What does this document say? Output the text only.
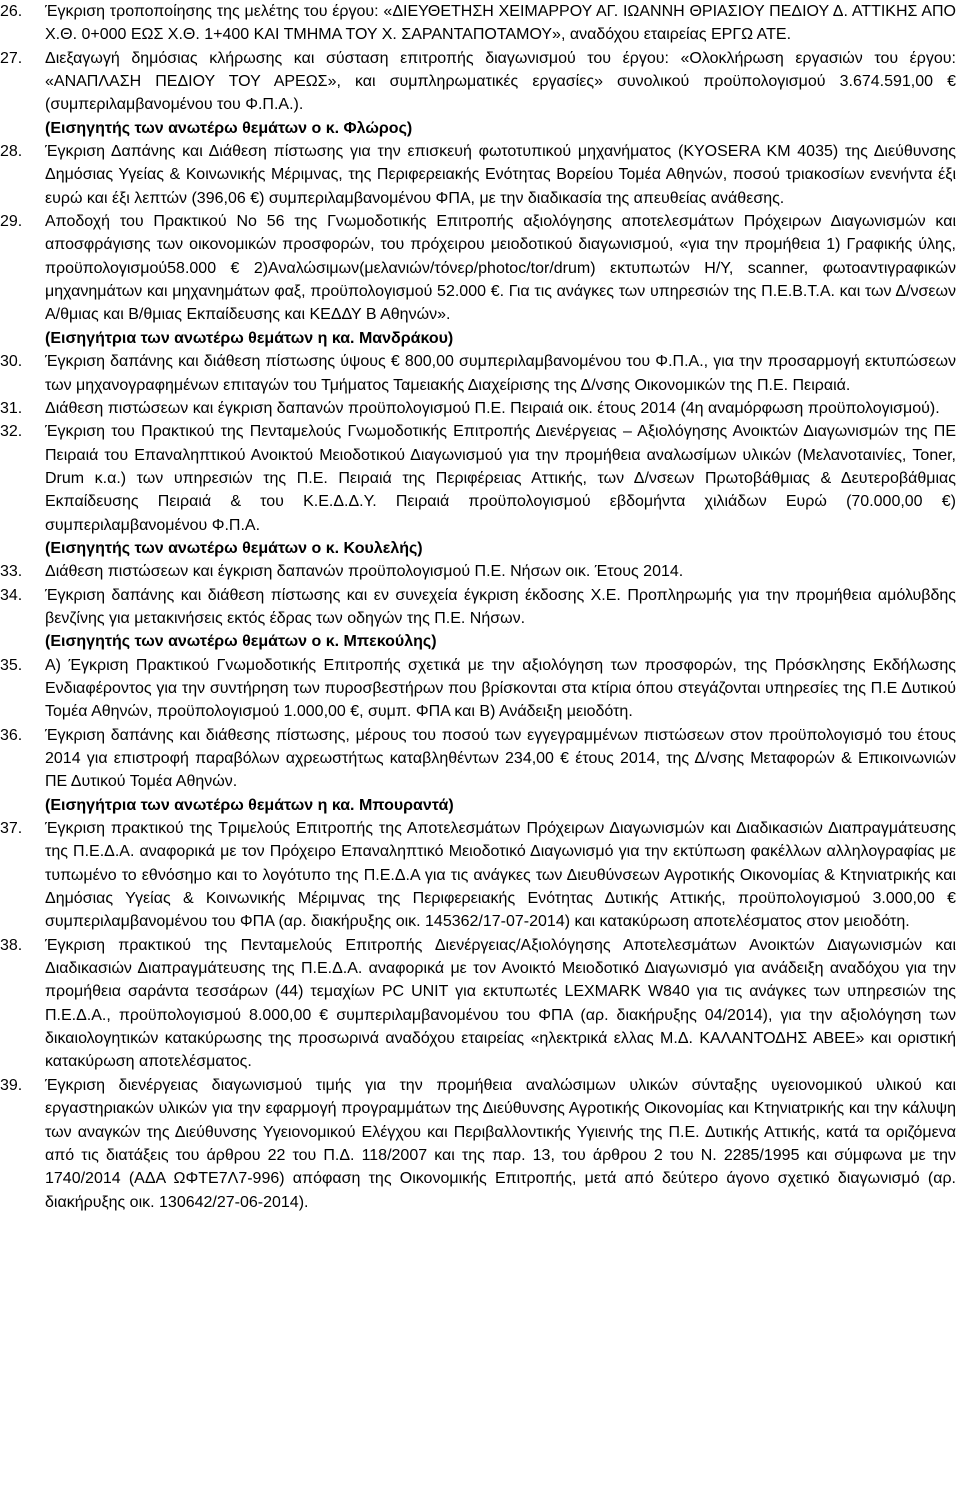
26.	Έγκριση τροποποίησης της μελέτης του έργου: «ΔΙΕΥΘΕΤΗΣΗ ΧΕΙΜΑΡΡΟΥ ΑΓ. ΙΩΑΝΝΗ ΘΡΙΑΣΙΟΥ ΠΕΔΙΟΥ Δ. ΑΤΤΙΚΗΣ ΑΠΟ Χ.Θ. 0+000 ΕΩΣ Χ.Θ. 1+400 ΚΑΙ ΤΜΗΜΑ ΤΟΥ Χ. ΣΑΡΑΝΤΑΠΟΤΑΜΟΥ», αναδόχου εταιρείας ΕΡΓΩ ΑΤΕ.
27.	Διεξαγωγή δημόσιας κλήρωσης και σύσταση επιτροπής διαγωνισμού του έργου: «Ολοκλήρωση εργασιών του έργου: «ΑΝΑΠΛΑΣΗ ΠΕΔΙΟΥ ΤΟΥ ΑΡΕΩΣ», και συμπληρωματικές εργασίες» συνολικού προϋπολογισμού 3.674.591,00 € (συμπεριλαμβανομένου του Φ.Π.Α.).
(Εισηγητής των ανωτέρω θεμάτων ο κ. Φλώρος)
28.	Έγκριση Δαπάνης και Διάθεση πίστωσης για την επισκευή φωτοτυπικού μηχανήματος (KYOSERA KM 4035) της Διεύθυνσης Δημόσιας Υγείας & Κοινωνικής Μέριμνας, της Περιφερειακής Ενότητας Βορείου Τομέα Αθηνών, ποσού τριακοσίων ενενήντα έξι ευρώ και έξι λεπτών (396,06 €) συμπεριλαμβανομένου ΦΠΑ, με την διαδικασία της απευθείας ανάθεσης.
29.	Αποδοχή του Πρακτικού Νο 56 της Γνωμοδοτικής Επιτροπής αξιολόγησης αποτελεσμάτων Πρόχειρων Διαγωνισμών και αποσφράγισης των οικονομικών προσφορών, του πρόχειρου μειοδοτικού διαγωνισμού, «για την προμήθεια 1) Γραφικής ύλης, προϋπολογισμού58.000 € 2)Αναλώσιμων(μελανιών/τόνερ/photoc/tor/drum) εκτυπωτών Η/Υ, scanner, φωτοαντιγραφικών μηχανημάτων και μηχανημάτων φαξ, προϋπολογισμού 52.000 €. Για τις ανάγκες των υπηρεσιών της Π.Ε.Β.Τ.Α. και των Δ/νσεων Α/θμιας και Β/θμιας Εκπαίδευσης και ΚΕΔΔΥ Β Αθηνών».
(Εισηγήτρια των ανωτέρω θεμάτων η κα. Μανδράκου)
30.	Έγκριση δαπάνης και διάθεση πίστωσης ύψους € 800,00 συμπεριλαμβανομένου του Φ.Π.Α., για την προσαρμογή εκτυπώσεων των μηχανογραφημένων επιταγών του Τμήματος Ταμειακής Διαχείρισης της Δ/νσης Οικονομικών της Π.Ε. Πειραιά.
31.	Διάθεση πιστώσεων και έγκριση δαπανών προϋπολογισμού Π.Ε. Πειραιά οικ. έτους 2014 (4η αναμόρφωση προϋπολογισμού).
32.	Έγκριση του Πρακτικού της Πενταμελούς Γνωμοδοτικής Επιτροπής Διενέργειας – Αξιολόγησης Ανοικτών Διαγωνισμών της ΠΕ Πειραιά του Επαναληπτικού Ανοικτού Μειοδοτικού Διαγωνισμού για την προμήθεια αναλωσίμων υλικών (Μελανοταινίες, Toner, Drum κ.α.) των υπηρεσιών της Π.Ε. Πειραιά της Περιφέρειας Αττικής, των Δ/νσεων Πρωτοβάθμιας & Δευτεροβάθμιας Εκπαίδευσης Πειραιά & του Κ.Ε.Δ.Δ.Υ. Πειραιά προϋπολογισμού εβδομήντα χιλιάδων Ευρώ (70.000,00 €) συμπεριλαμβανομένου Φ.Π.Α.
(Εισηγητής των ανωτέρω θεμάτων ο κ. Κουλελής)
33.	Διάθεση πιστώσεων και έγκριση δαπανών προϋπολογισμού Π.Ε. Νήσων οικ. Έτους 2014.
34.	Έγκριση δαπάνης και διάθεση πίστωσης και εν συνεχεία έγκριση έκδοσης Χ.Ε. Προπληρωμής για την προμήθεια αμόλυβδης βενζίνης για μετακινήσεις εκτός έδρας των οδηγών της Π.Ε. Νήσων.
(Εισηγητής των ανωτέρω θεμάτων ο κ. Μπεκούλης)
35.	Α) Έγκριση Πρακτικού Γνωμοδοτικής Επιτροπής σχετικά με την αξιολόγηση των προσφορών, της Πρόσκλησης Εκδήλωσης Ενδιαφέροντος για την συντήρηση των πυροσβεστήρων που βρίσκονται στα κτίρια όπου στεγάζονται υπηρεσίες της Π.Ε Δυτικού Τομέα Αθηνών, προϋπολογισμού 1.000,00 €, συμπ. ΦΠΑ και Β) Ανάδειξη μειοδότη.
36.	Έγκριση δαπάνης και διάθεσης πίστωσης, μέρους του ποσού των εγγεγραμμένων πιστώσεων στον προϋπολογισμό του έτους 2014 για επιστροφή παραβόλων αχρεωστήτως καταβληθέντων 234,00 € έτους 2014, της Δ/νσης Μεταφορών & Επικοινωνιών ΠΕ Δυτικού Τομέα Αθηνών.
(Εισηγήτρια των ανωτέρω θεμάτων η κα. Μπουραντά)
37.	Έγκριση πρακτικού της Τριμελούς Επιτροπής της Αποτελεσμάτων Πρόχειρων Διαγωνισμών και Διαδικασιών Διαπραγμάτευσης της Π.Ε.Δ.Α. αναφορικά με τον Πρόχειρο Επαναληπτικό Μειοδοτικό Διαγωνισμό για την εκτύπωση φακέλλων αλληλογραφίας με τυπωμένο το εθνόσημο και το λογότυπο της Π.Ε.Δ.Α για τις ανάγκες των Διευθύνσεων Αγροτικής Οικονομίας & Κτηνιατρικής και Δημόσιας Υγείας & Κοινωνικής Μέριμνας της Περιφερειακής Ενότητας Δυτικής Αττικής, προϋπολογισμού 3.000,00 € συμπεριλαμβανομένου του ΦΠΑ (αρ. διακήρυξης οικ. 145362/17-07-2014) και κατακύρωση αποτελέσματος στον μειοδότη.
38.	Έγκριση πρακτικού της Πενταμελούς Επιτροπής Διενέργειας/Αξιολόγησης Αποτελεσμάτων Ανοικτών Διαγωνισμών και Διαδικασιών Διαπραγμάτευσης της Π.Ε.Δ.Α. αναφορικά με τον Ανοικτό Μειοδοτικό Διαγωνισμό για ανάδειξη αναδόχου για την προμήθεια σαράντα τεσσάρων (44) τεμαχίων PC UNIT για εκτυπωτές LEXMARK W840 για τις ανάγκες των υπηρεσιών της Π.Ε.Δ.Α., προϋπολογισμού 8.000,00 € συμπεριλαμβανομένου του ΦΠΑ (αρ. διακήρυξης 04/2014), για την αξιολόγηση των δικαιολογητικών κατακύρωσης της προσωρινά αναδόχου εταιρείας «ηλεκτρικά ελλας Μ.Δ. ΚΑΛΑΝΤΟΔΗΣ ΑΒΕΕ» και οριστική κατακύρωση αποτελέσματος.
39.	Έγκριση διενέργειας διαγωνισμού τιμής για την προμήθεια αναλώσιμων υλικών σύνταξης υγειονομικού υλικού και εργαστηριακών υλικών για την εφαρμογή προγραμμάτων της Διεύθυνσης Αγροτικής Οικονομίας και Κτηνιατρικής και την κάλυψη των αναγκών της Διεύθυνσης Υγειονομικού Ελέγχου και Περιβαλλοντικής Υγιεινής της Π.Ε. Δυτικής Αττικής, κατά τα οριζόμενα από τις διατάξεις του άρθρου 22 του Π.Δ. 118/2007 και της παρ. 13, του άρθρου 2 του Ν. 2285/1995 και σύμφωνα με την 1740/2014 (ΑΔΑ ΩΦΤΕ7Λ7-996) απόφαση της Οικονομικής Επιτροπής, μετά από δεύτερο άγονο σχετικό διαγωνισμό (αρ. διακήρυξης οικ. 130642/27-06-2014).
